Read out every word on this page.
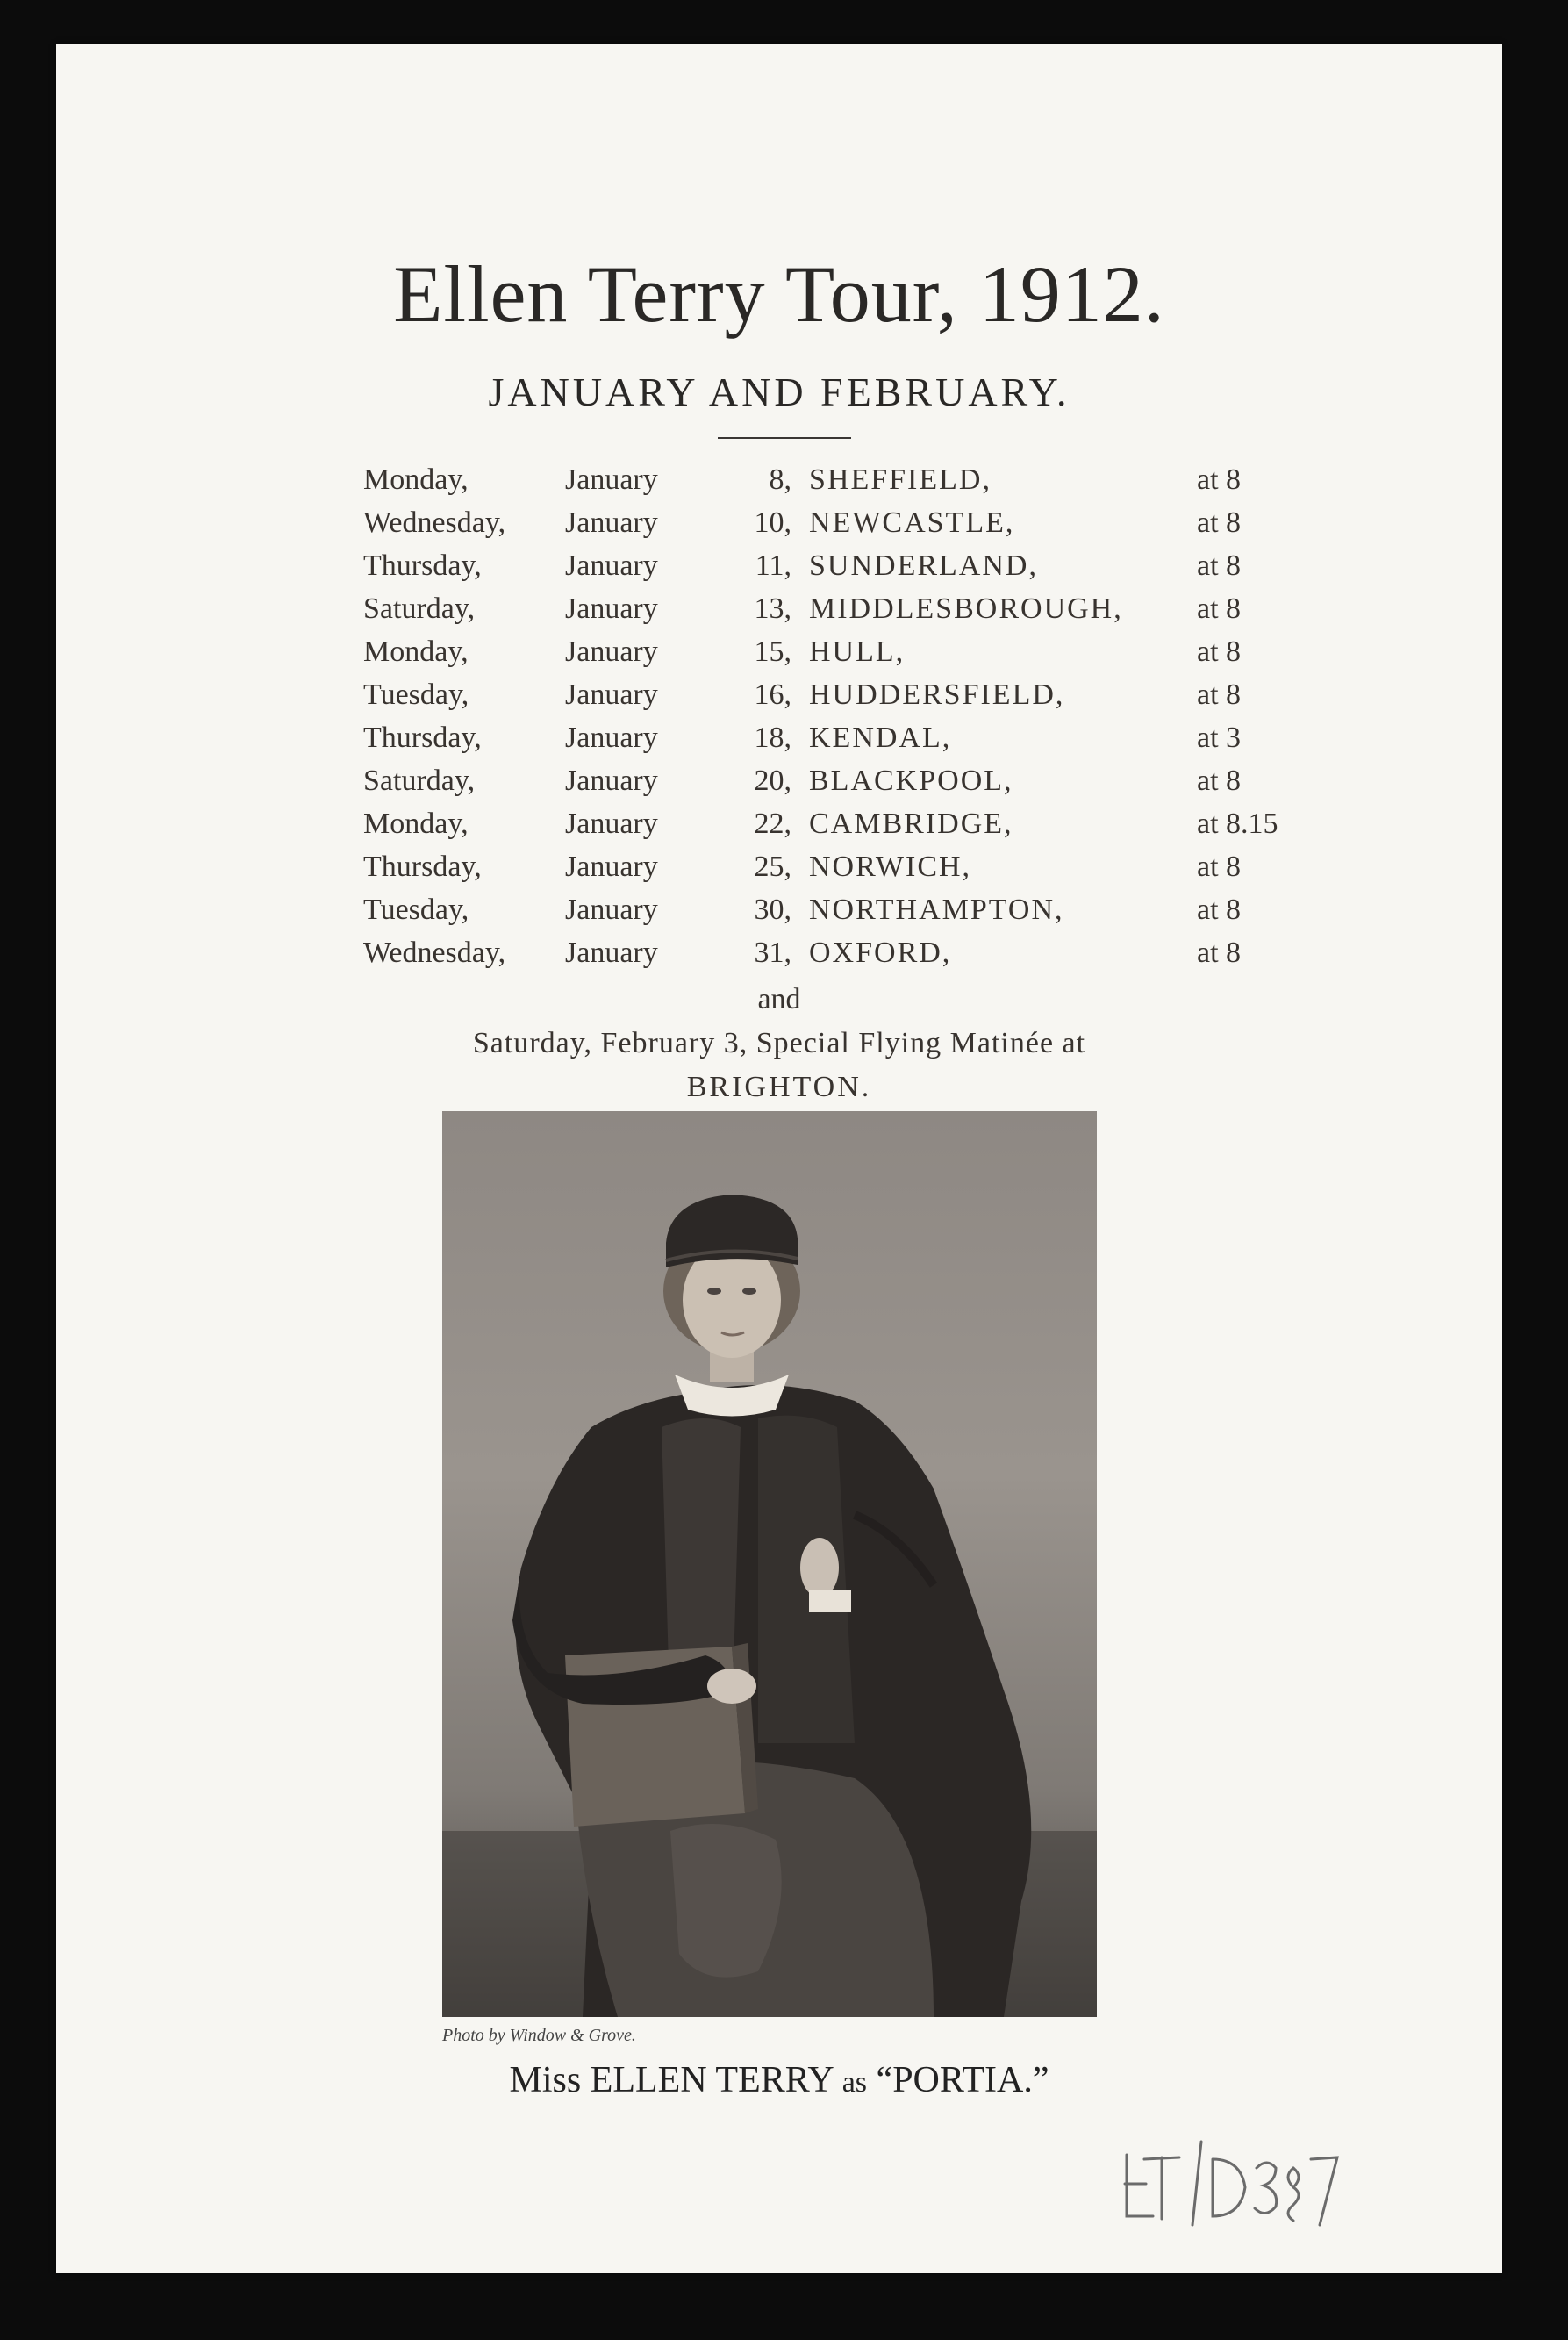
Ellen Terry Tour, 1912.
JANUARY AND FEBRUARY.
Monday,	January	8, SHEFFIELD,	at 8
Wednesday, January	10, NEWCASTLE,	at 8
Thursday,	January	11, SUNDERLAND,	at 8
Saturday,	January	13, MIDDLESBOROUGH, at 8
Monday,	January	15, HULL,	at 8
Tuesday,	January	16, HUDDERSFIELD,	at 8
Thursday,	January	18, KENDAL,	at 3
Saturday,	January	20, BLACKPOOL,	at 8
Monday,	January	22, CAMBRIDGE,	at 8.15
Thursday,	January	25, NORWICH,	at 8
Tuesday,	January	30, NORTHAMPTON,	at 8
Wednesday, January	31, OXFORD,	at 8
and
Saturday, February 3, Special Flying Matinée at
BRIGHTON.
Photo by Window & Grove.
Miss ELLEN TERRY as “PORTIA.”
